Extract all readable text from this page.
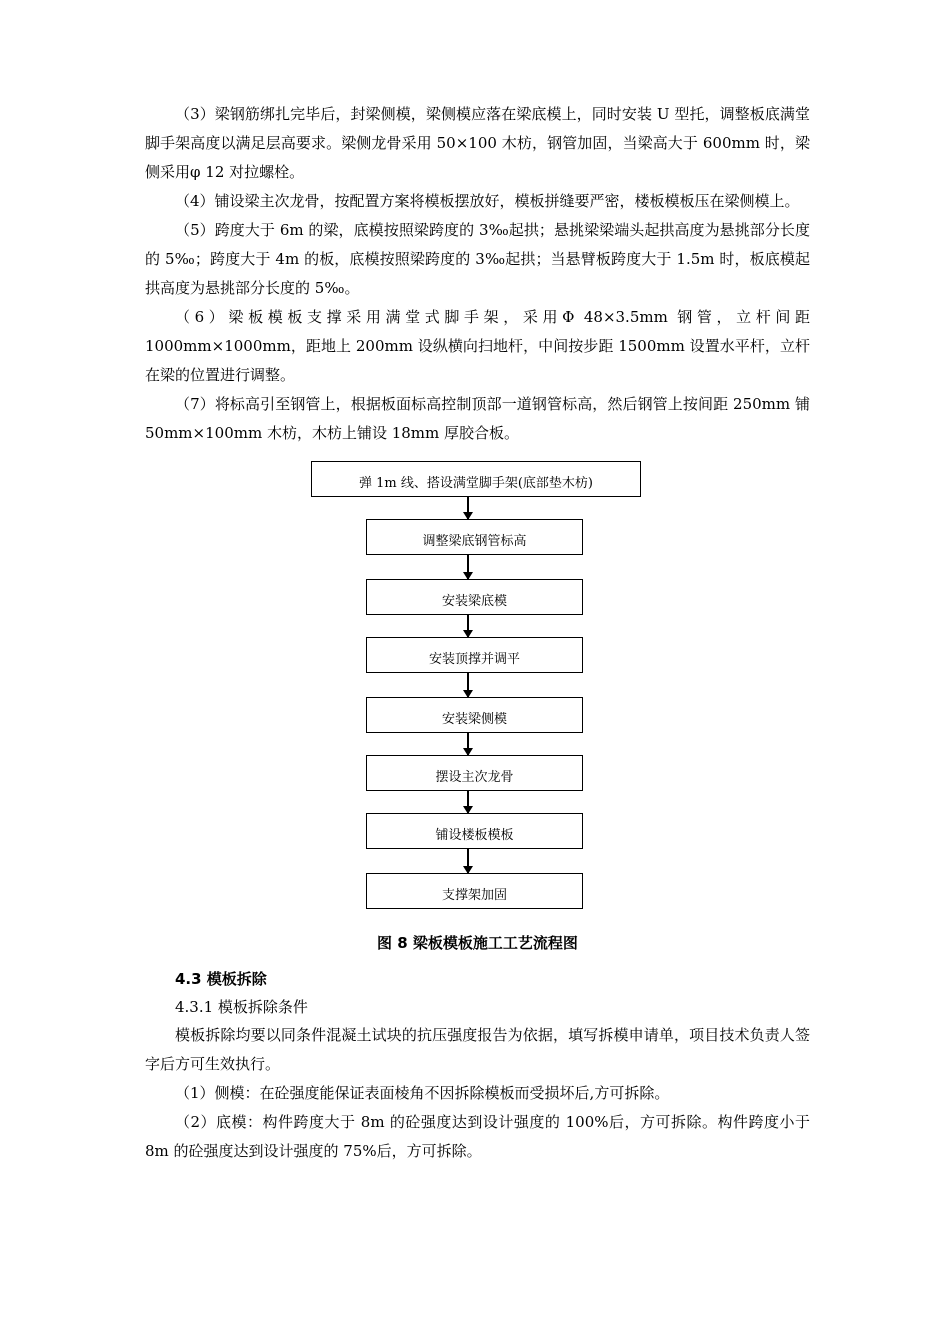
（3）梁钢筋绑扎完毕后，封梁侧模，梁侧模应落在梁底模上，同时安装 U 型托，调整板底满堂脚手架高度以满足层高要求。梁侧龙骨采用 50×100 木枋，钢管加固，当梁高大于 600mm 时，梁侧采用φ 12 对拉螺栓。

（4）铺设梁主次龙骨，按配置方案将模板摆放好，模板拼缝要严密，楼板模板压在梁侧模上。

（5）跨度大于 6m 的梁，底模按照梁跨度的 3‰起拱；悬挑梁梁端头起拱高度为悬挑部分长度的 5‰；跨度大于 4m 的板，底模按照梁跨度的 3‰起拱；当悬臂板跨度大于 1.5m 时，板底模起拱高度为悬挑部分长度的 5‰。

（6）梁板模板支撑采用满堂式脚手架，采用Φ 48×3.5mm 钢管，立杆间距 1000mm×1000mm，距地上 200mm 设纵横向扫地杆，中间按步距 1500mm 设置水平杆，立杆在梁的位置进行调整。

（7）将标高引至钢管上，根据板面标高控制顶部一道钢管标高，然后钢管上按间距 250mm 铺 50mm×100mm 木枋，木枋上铺设 18mm 厚胶合板。

弹 1m 线、搭设满堂脚手架(底部垫木枋)
调整梁底钢管标高
安装梁底模
安装顶撑并调平
安装梁侧模
摆设主次龙骨
铺设楼板模板
支撑架加固
图 8 梁板模板施工工艺流程图
4.3 模板拆除
4.3.1 模板拆除条件

模板拆除均要以同条件混凝土试块的抗压强度报告为依据，填写拆模申请单，项目技术负责人签字后方可生效执行。

（1）侧模：在砼强度能保证表面棱角不因拆除模板而受损坏后,方可拆除。

（2）底模：构件跨度大于 8m 的砼强度达到设计强度的 100%后，方可拆除。构件跨度小于 8m 的砼强度达到设计强度的 75%后，方可拆除。
